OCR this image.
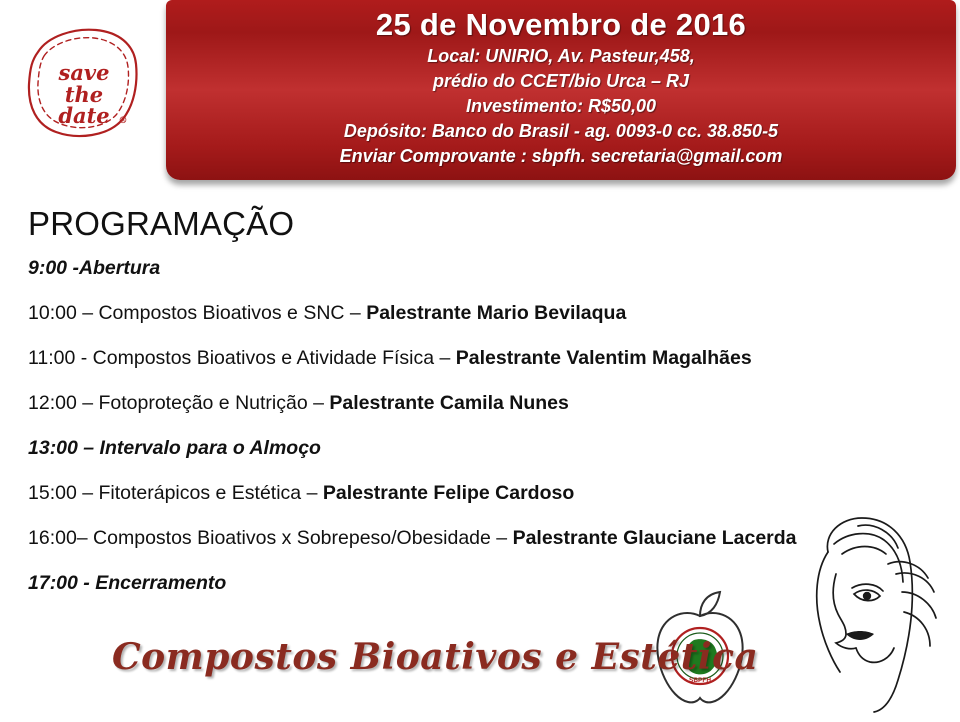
25 de Novembro de 2016
Local: UNIRIO, Av. Pasteur,458,
prédio do CCET/bio Urca – RJ
Investimento: R$50,00
Depósito: Banco do Brasil - ag. 0093-0 cc. 38.850-5
Enviar Comprovante : sbpfh. secretaria@gmail.com
save
the
date ®
PROGRAMAÇÃO
9:00 -Abertura
10:00 – Compostos Bioativos e SNC – Palestrante Mario Bevilaqua
11:00 - Compostos Bioativos e Atividade Física – Palestrante Valentim Magalhães
12:00 – Fotoproteção e Nutrição – Palestrante Camila Nunes
13:00 – Intervalo para o Almoço
15:00 – Fitoterápicos e Estética – Palestrante Felipe Cardoso
16:00– Compostos Bioativos x Sobrepeso/Obesidade – Palestrante Glauciane Lacerda
17:00 - Encerramento
SBPFH
Compostos Bioativos e Estética
